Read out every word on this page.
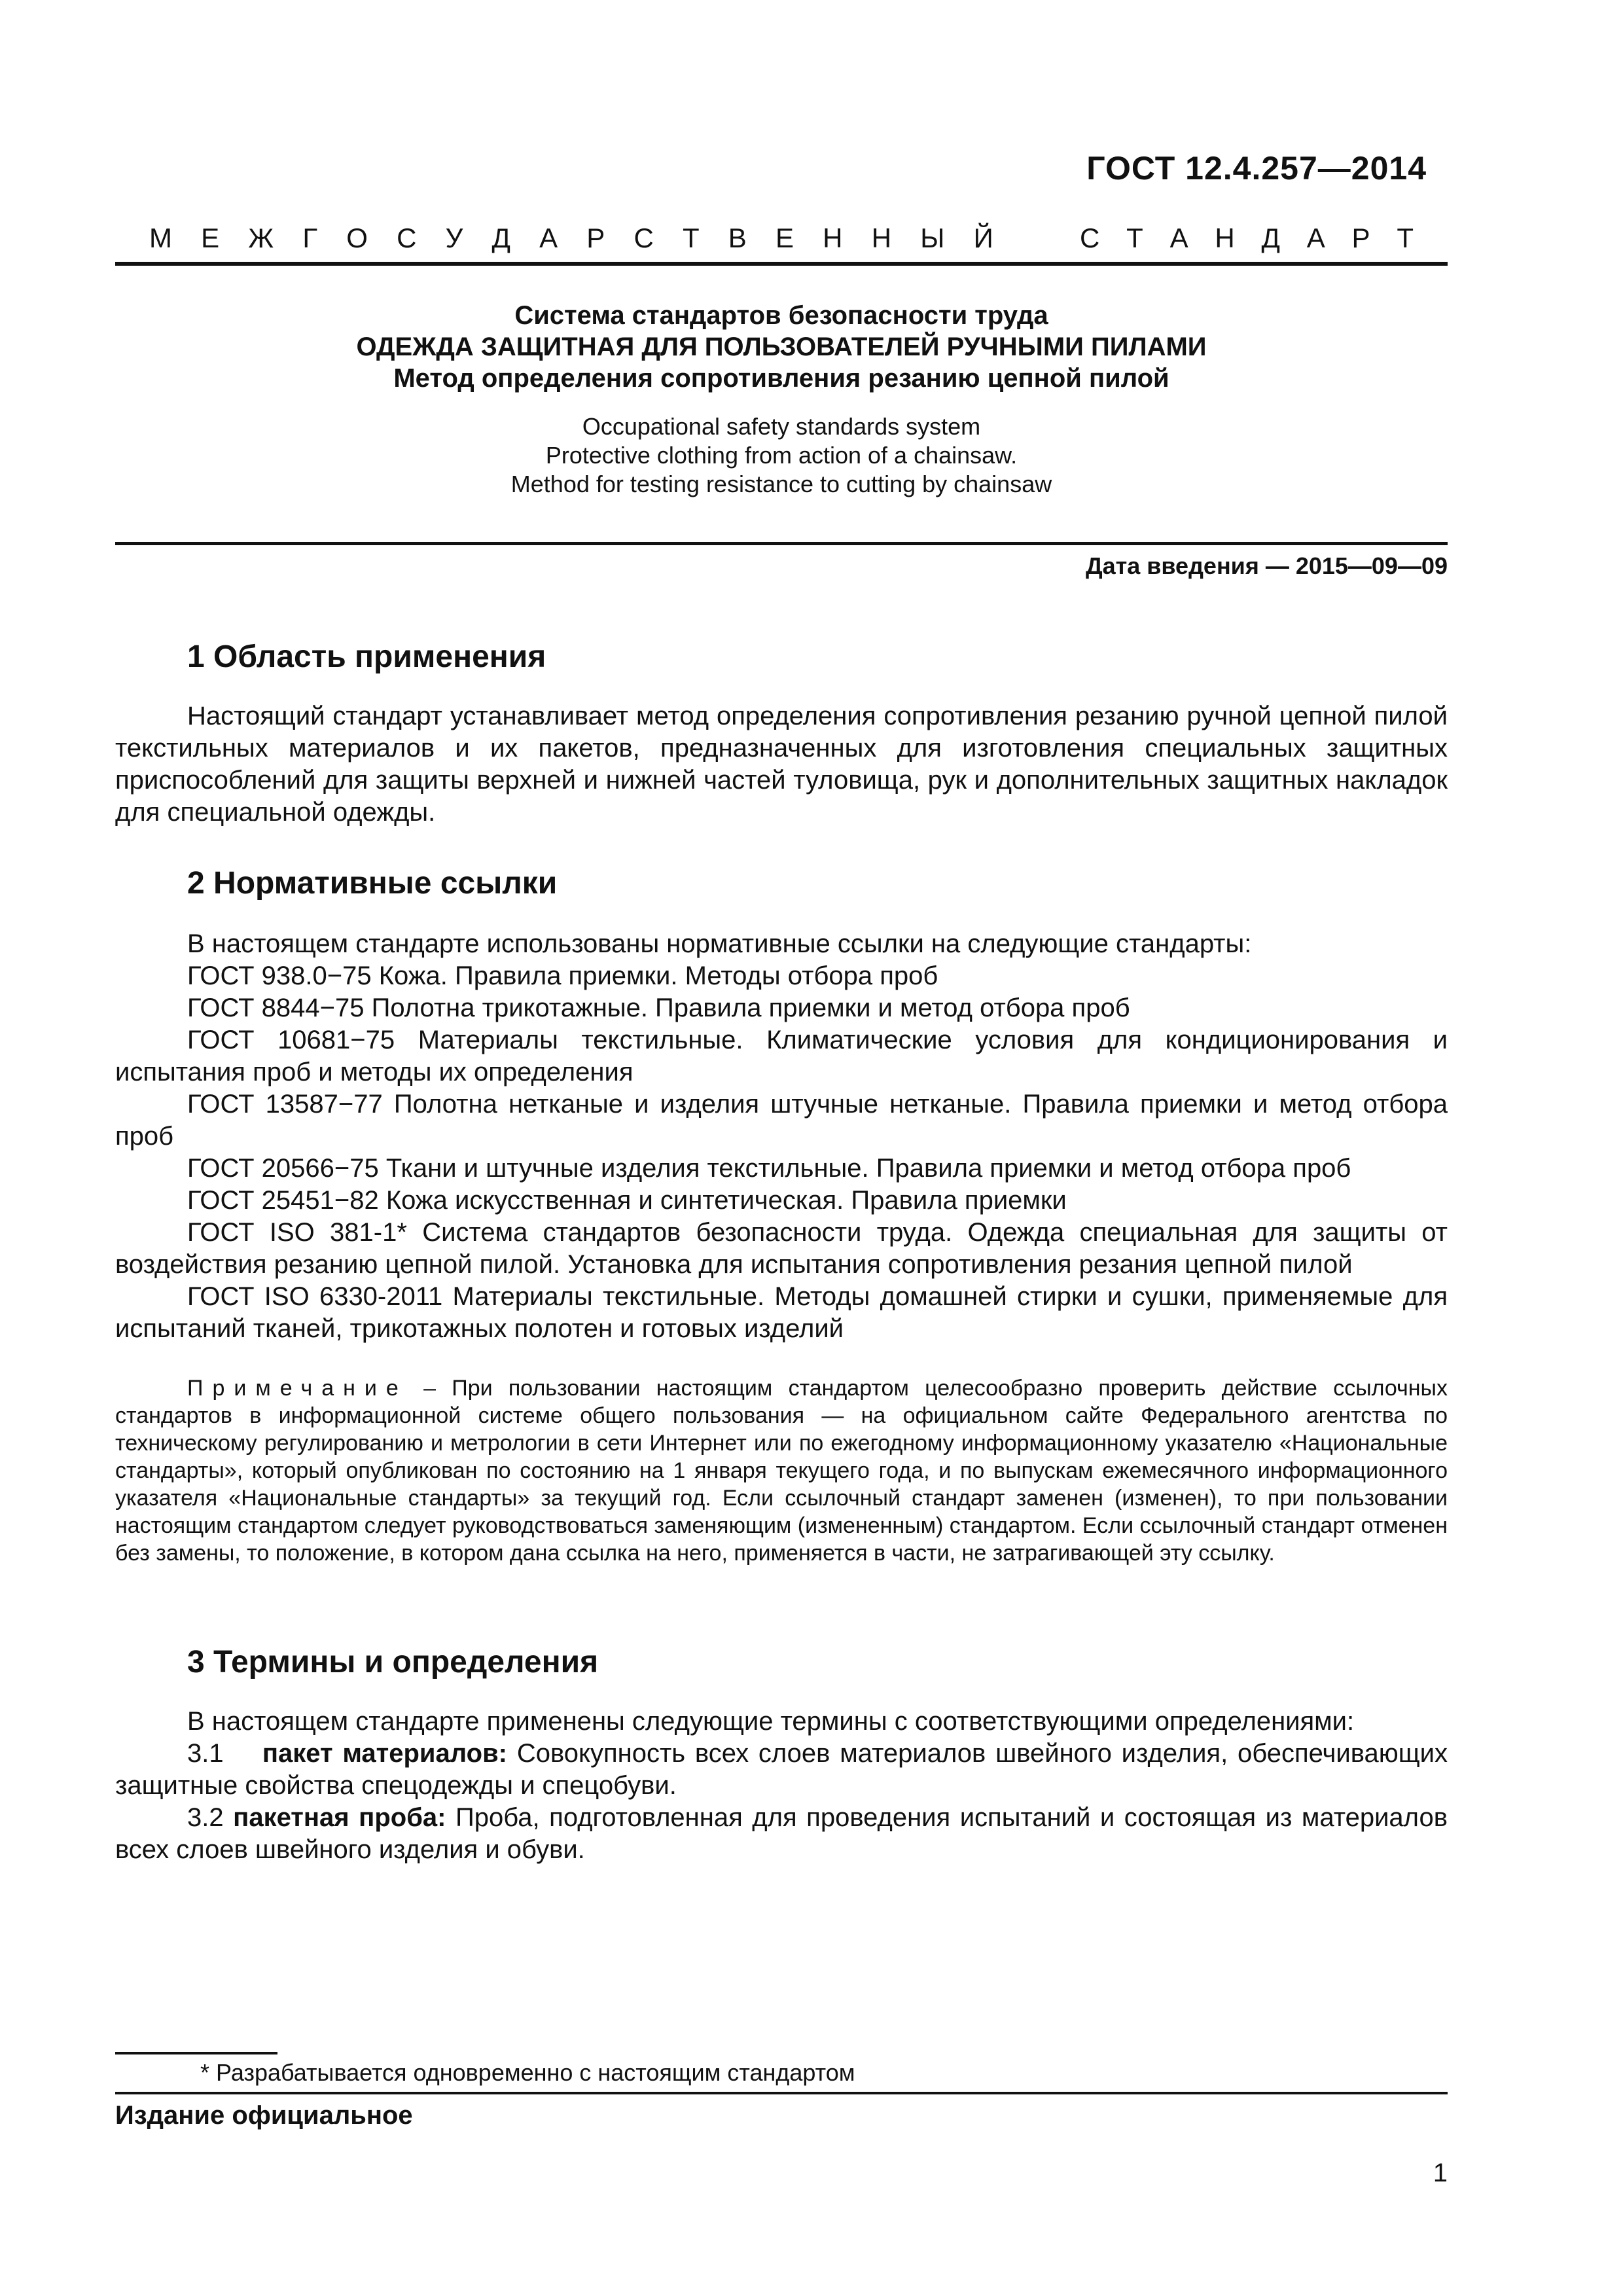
ГОСТ 12.4.257—2014
М Е Ж Г О С У Д А Р С Т В Е Н Н Ы Й	С Т А Н Д А Р Т
Система стандартов безопасности труда
ОДЕЖДА ЗАЩИТНАЯ ДЛЯ ПОЛЬЗОВАТЕЛЕЙ РУЧНЫМИ ПИЛАМИ
Метод определения сопротивления резанию цепной пилой
Occupational safety standards system
Protective clothing from action of a chainsaw.
Method for testing resistance to cutting by chainsaw
Дата введения — 2015—09—09
1 Область применения

Настоящий стандарт устанавливает метод определения сопротивления резанию ручной цепной пилой текстильных материалов и их пакетов, предназначенных для изготовления специальных защитных приспособлений для защиты верхней и нижней частей туловища, рук и дополнительных защитных накладок для специальной одежды.

2 Нормативные ссылки

В настоящем стандарте использованы нормативные ссылки на следующие стандарты:

ГОСТ 938.0−75 Кожа. Правила приемки. Методы отбора проб

ГОСТ 8844−75 Полотна трикотажные. Правила приемки и метод отбора проб

ГОСТ 10681−75 Материалы текстильные. Климатические условия для кондиционирования и испытания проб и методы их определения

ГОСТ 13587−77 Полотна нетканые и изделия штучные нетканые. Правила приемки и метод отбора проб

ГОСТ 20566−75 Ткани и штучные изделия текстильные. Правила приемки и метод отбора проб

ГОСТ 25451−82 Кожа искусственная и синтетическая. Правила приемки

ГОСТ ISO 381-1* Система стандартов безопасности труда. Одежда специальная для защиты от воздействия резанию цепной пилой. Установка для испытания сопротивления резания цепной пилой

ГОСТ ISO 6330-2011 Материалы текстильные. Методы домашней стирки и сушки, применяемые для испытаний тканей, трикотажных полотен и готовых изделий

Примечание – При пользовании настоящим стандартом целесообразно проверить действие ссылочных стандартов в информационной системе общего пользования — на официальном сайте Федерального агентства по техническому регулированию и метрологии в сети Интернет или по ежегодному информационному указателю «Национальные стандарты», который опубликован по состоянию на 1 января текущего года, и по выпускам ежемесячного информационного указателя «Национальные стандарты» за текущий год. Если ссылочный стандарт заменен (изменен), то при пользовании настоящим стандартом следует руководствоваться заменяющим (измененным) стандартом. Если ссылочный стандарт отменен без замены, то положение, в котором дана ссылка на него, применяется в части, не затрагивающей эту ссылку.

3 Термины и определения

В настоящем стандарте применены следующие термины с соответствующими определениями:

3.1 пакет материалов: Совокупность всех слоев материалов швейного изделия, обеспечивающих защитные свойства спецодежды и спецобуви.

3.2 пакетная проба: Проба, подготовленная для проведения испытаний и состоящая из материалов всех слоев швейного изделия и обуви.

* Разрабатывается одновременно с настоящим стандартом
Издание официальное
1
